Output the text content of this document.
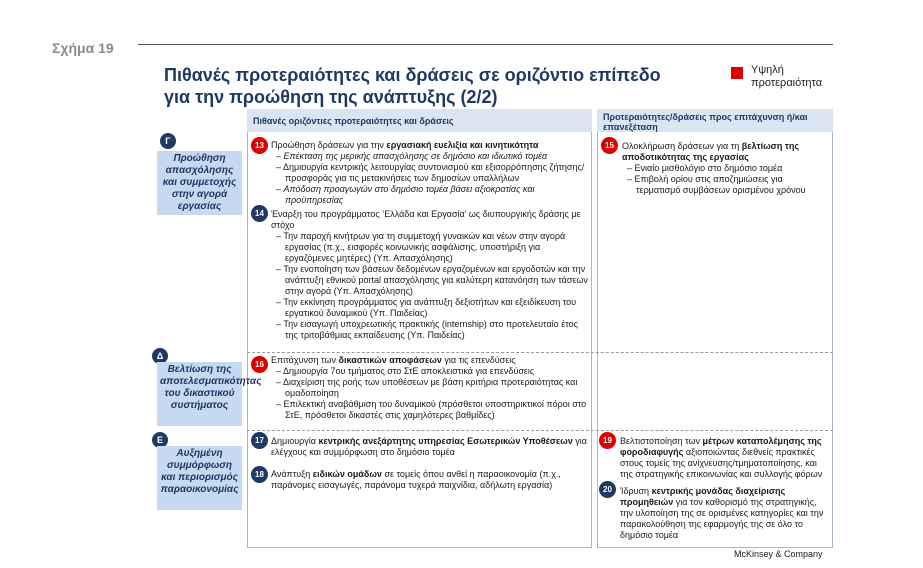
Σχήμα 19
Πιθανές προτεραιότητες και δράσεις σε οριζόντιο επίπεδο
για την προώθηση της ανάπτυξης (2/2)
Υψηλή προτεραιότητα
Πιθανές οριζόντιες προτεραιότητες και δράσεις	Προτεραιότητες/δράσεις προς επιτάχυνση ή/και επανεξέταση
Γ
Προώθηση απασχόλησης και συμμετοχής στην αγορά εργασίας
Δ
Βελτίωση της αποτελεσματικότητας του δικαστικού συστήματος
Ε
Αυξημένη συμμόρφωση και περιορισμός παραοικονομίας
13 Προώθηση δράσεων για την εργασιακή ευελιξία και κινητικότητα

– Επέκταση της μερικής απασχόλησης σε δημόσιο και ιδιωτικό τομέα

– Δημιουργία κεντρικής λειτουργίας συντονισμού και εξισορρόπησης ζήτησης/προσφοράς για τις μετακινήσεις των δημοσίων υπαλλήλων

– Απόδοση προαγωγών στο δημόσιο τομέα βάσει αξιοκρατίας και προϋπηρεσίας

14 Έναρξη του προγράμματος ‘Ελλάδα και Εργασία’ ως διυπουργικής δράσης με στόχο

– Την παροχή κινήτρων για τη συμμετοχή γυναικών και νέων στην αγορά εργασίας (π.χ., εισφορές κοινωνικής ασφάλισης, υποστήριξη για εργαζόμενες μητέρες) (Υπ. Απασχόλησης)

– Την ενοποίηση των βάσεων δεδομένων εργαζομένων και εργοδοτών και την ανάπτυξη εθνικού portal απασχόλησης για καλύτερη κατανόηση των τάσεων στην αγορά (Υπ. Απασχόλησης)

– Την εκκίνηση προγράμματος για ανάπτυξη δεξιοτήτων και εξειδίκευση του εργατικού δυναμικού (Υπ. Παιδείας)

– Την εισαγωγή υποχρεωτικής πρακτικής (internship) στο προτελευταίο έτος της τριτοβάθμιας εκπαίδευσης (Υπ. Παιδείας)

15 Ολοκλήρωση δράσεων για τη βελτίωση της αποδοτικότητας της εργασίας

– Ενιαίο μισθολόγιο στο δημόσιο τομέα

– Επιβολή ορίου στις αποζημιώσεις για τερματισμό συμβάσεων ορισμένου χρόνου

16 Επιτάχυνση των δικαστικών αποφάσεων για τις επενδύσεις

– Δημιουργία 7ου τμήματος στο ΣτΕ αποκλειστικά για επενδύσεις

– Διαχείριση της ροής των υποθέσεων με βάση κριτήρια προτεραιότητας και ομαδοποίηση

– Επιλεκτική αναβάθμιση του δυναμικού (πρόσθετοι υποστηρικτικοί πόροι στο ΣτΕ, πρόσθετοι δικαστές στις χαμηλότερες βαθμίδες)

17 Δημιουργία κεντρικής ανεξάρτητης υπηρεσίας Εσωτερικών Υποθέσεων για ελέγχους και συμμόρφωση στο δημόσιο τομέα

18 Ανάπτυξη ειδικών ομάδων σε τομείς όπου ανθεί η παραοικονομία (π.χ., παράνομες εισαγωγές, παράνομα τυχερά παιχνίδια, αδήλωτη εργασία)

19 Βελτιστοποίηση των μέτρων καταπολέμησης της φοροδιαφυγής αξιοποιώντας διεθνείς πρακτικές στους τομείς της ανίχνευσης/τμηματοποίησης, και της στρατηγικής επικοινωνίας και συλλογής φόρων

20 Ίδρυση κεντρικής μονάδας διαχείρισης προμηθειών για τον καθορισμό της στρατηγικής, την υλοποίηση της σε ορισμένες κατηγορίες και την παρακολούθηση της εφαρμογής της σε όλο το δημόσιο τομέα

McKinsey & Company
